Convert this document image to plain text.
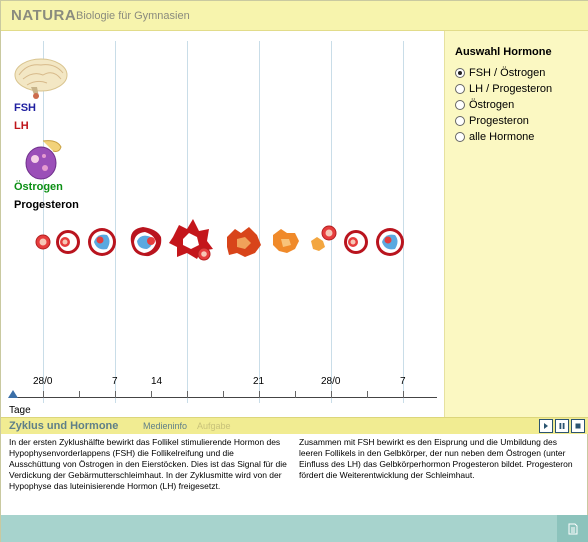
NATURA Biologie für Gymnasien
FSH
LH
Östrogen
Progesteron
28/0	7	14	21	28/0	7
Tage
Auswahl Hormone
FSH / Östrogen
LH / Progesteron
Östrogen
Progesteron
alle Hormone
Zyklus und Hormone	Medieninfo Aufgabe

In der ersten Zyklushälfte bewirkt das Follikel stimulierende Hormon des Hypophysenvorderlappens (FSH) die Follikelreifung und die Ausschüttung von Östrogen in den Eierstöcken. Dies ist das Signal für die Verdickung der Gebärmutterschleimhaut. In der Zyklusmitte wird von der Hypophyse das luteinisierende Hormon (LH) freigesetzt.

Zusammen mit FSH bewirkt es den Eisprung und die Umbildung des leeren Follikels in den Gelbkörper, der nun neben dem Östrogen (unter Einfluss des LH) das Gelbkörperhormon Progesteron bildet. Progesteron fördert die Weiterentwicklung der Schleimhaut.
